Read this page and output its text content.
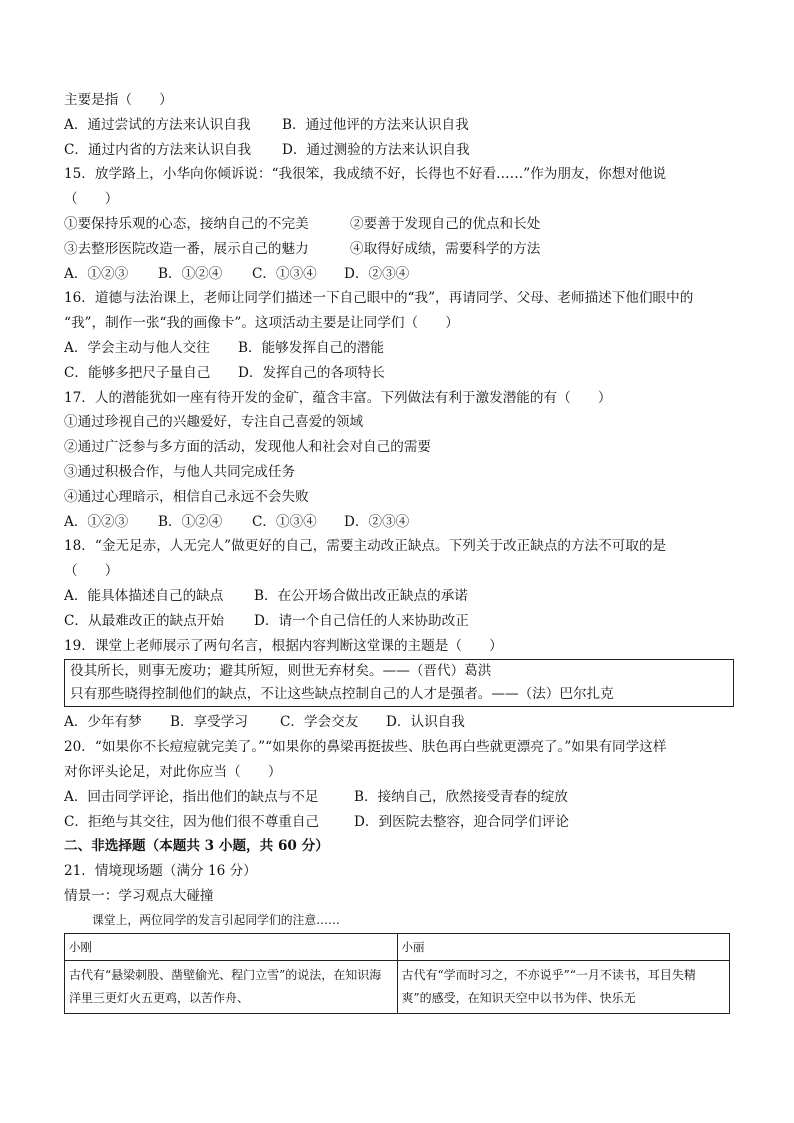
主要是指（　　）
A．通过尝试的方法来认识自我	B．通过他评的方法来认识自我
C．通过内省的方法来认识自我	D．通过测验的方法来认识自我
15．放学路上，小华向你倾诉说：“我很笨，我成绩不好，长得也不好看……”作为朋友，你想对他说
（　　）
①要保持乐观的心态，接纳自己的不完美	②要善于发现自己的优点和长处
③去整形医院改造一番，展示自己的魅力	④取得好成绩，需要科学的方法
A．①②③	B．①②④	C．①③④	D．②③④
16．道德与法治课上，老师让同学们描述一下自己眼中的“我”，再请同学、父母、老师描述下他们眼中的
“我”，制作一张“我的画像卡”。这项活动主要是让同学们（　　）
A．学会主动与他人交往	B．能够发挥自己的潜能
C．能够多把尺子量自己	D．发挥自己的各项特长
17．人的潜能犹如一座有待开发的金矿，蕴含丰富。下列做法有利于激发潜能的有（　　）
①通过珍视自己的兴趣爱好，专注自己喜爱的领域
②通过广泛参与多方面的活动，发现他人和社会对自己的需要
③通过积极合作，与他人共同完成任务
④通过心理暗示，相信自己永远不会失败
A．①②③	B．①②④	C．①③④	D．②③④
18．“金无足赤，人无完人”做更好的自己，需要主动改正缺点。下列关于改正缺点的方法不可取的是
（　　）
A．能具体描述自己的缺点	B．在公开场合做出改正缺点的承诺
C．从最难改正的缺点开始	D．请一个自己信任的人来协助改正
19．课堂上老师展示了两句名言，根据内容判断这堂课的主题是（　　）
役其所长，则事无废功；避其所短，则世无弃材矣。——（晋代）葛洪
只有那些晓得控制他们的缺点，不让这些缺点控制自己的人才是强者。——（法）巴尔扎克
A．少年有梦	B．享受学习	C．学会交友	D．认识自我
20．“如果你不长痘痘就完美了。”“如果你的鼻梁再挺拔些、肤色再白些就更漂亮了。”如果有同学这样
对你评头论足，对此你应当（　　）
A．回击同学评论，指出他们的缺点与不足	B．接纳自己，欣然接受青春的绽放
C．拒绝与其交往，因为他们很不尊重自己	D．到医院去整容，迎合同学们评论
二、非选择题（本题共 3 小题，共 60 分）
21．情境现场题（满分 16 分）
情景一：学习观点大碰撞
课堂上，两位同学的发言引起同学们的注意……
小刚	小丽
古代有“悬梁刺股、凿壁偷光、程门立雪”的说法，在知识海洋里三更灯火五更鸡，以苦作舟、	古代有“学而时习之，不亦说乎”“一月不读书，耳目失精爽”的感受，在知识天空中以书为伴、快乐无
